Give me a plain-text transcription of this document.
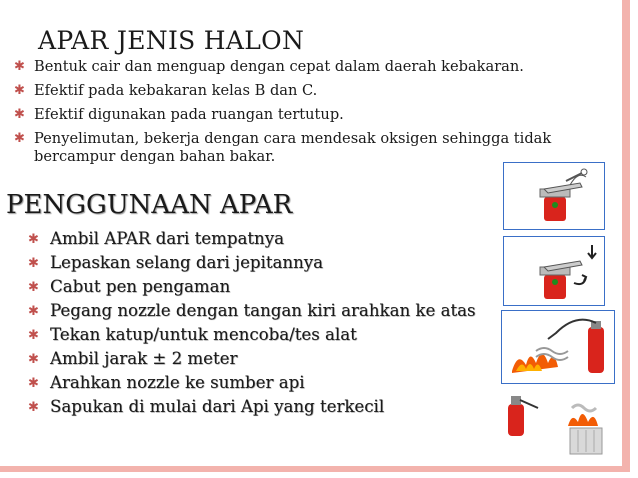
APAR JENIS HALON
✱ Bentuk cair dan menguap dengan cepat dalam daerah kebakaran.
✱ Efektif pada kebakaran kelas B dan C.
✱ Efektif digunakan pada ruangan tertutup.
✱ Penyelimutan, bekerja dengan cara mendesak oksigen sehingga tidak bercampur dengan bahan bakar.
PENGGUNAAN APAR
✱ Ambil APAR dari tempatnya
✱ Lepaskan selang dari jepitannya
✱ Cabut pen pengaman
✱ Pegang nozzle dengan tangan kiri arahkan ke atas
✱ Tekan katup/untuk mencoba/tes alat
✱ Ambil jarak ± 2 meter
✱ Arahkan nozzle ke sumber api
✱ Sapukan di mulai dari Api yang terkecil
